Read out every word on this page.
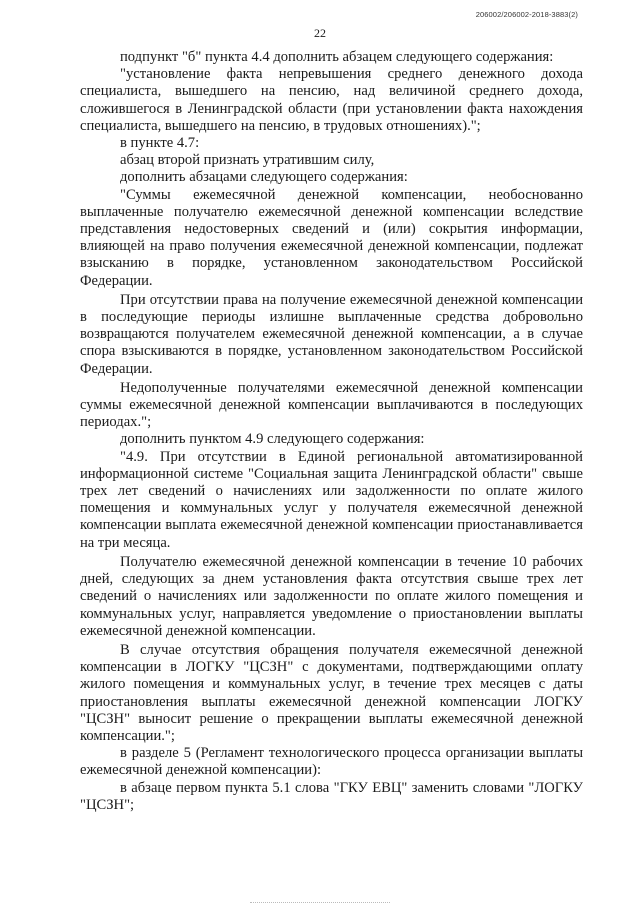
206002/206002-2018-3883(2)
22

подпункт "б" пункта 4.4 дополнить абзацем следующего содержания:

"установление факта непревышения среднего денежного дохода специалиста, вышедшего на пенсию, над величиной среднего дохода, сложившегося в Ленинградской области (при установлении факта нахождения специалиста, вышедшего на пенсию, в трудовых отношениях).";

в пункте 4.7:

абзац второй признать утратившим силу,

дополнить абзацами следующего содержания:

"Суммы ежемесячной денежной компенсации, необоснованно выплаченные получателю ежемесячной денежной компенсации вследствие представления недостоверных сведений и (или) сокрытия информации, влияющей на право получения ежемесячной денежной компенсации, подлежат взысканию в порядке, установленном законодательством Российской Федерации.

При отсутствии права на получение ежемесячной денежной компенсации в последующие периоды излишне выплаченные средства добровольно возвращаются получателем ежемесячной денежной компенсации, а в случае спора взыскиваются в порядке, установленном законодательством Российской Федерации.

Недополученные получателями ежемесячной денежной компенсации суммы ежемесячной денежной компенсации выплачиваются в последующих периодах.";

дополнить пунктом 4.9 следующего содержания:

"4.9. При отсутствии в Единой региональной автоматизированной информационной системе "Социальная защита Ленинградской области" свыше трех лет сведений о начислениях или задолженности по оплате жилого помещения и коммунальных услуг у получателя ежемесячной денежной компенсации выплата ежемесячной денежной компенсации приостанавливается на три месяца.

Получателю ежемесячной денежной компенсации в течение 10 рабочих дней, следующих за днем установления факта отсутствия свыше трех лет сведений о начислениях или задолженности по оплате жилого помещения и коммунальных услуг, направляется уведомление о приостановлении выплаты ежемесячной денежной компенсации.

В случае отсутствия обращения получателя ежемесячной денежной компенсации в ЛОГКУ "ЦСЗН" с документами, подтверждающими оплату жилого помещения и коммунальных услуг, в течение трех месяцев с даты приостановления выплаты ежемесячной денежной компенсации ЛОГКУ "ЦСЗН" выносит решение о прекращении выплаты ежемесячной денежной компенсации.";

в разделе 5 (Регламент технологического процесса организации выплаты ежемесячной денежной компенсации):

в абзаце первом пункта 5.1 слова "ГКУ ЕВЦ" заменить словами "ЛОГКУ "ЦСЗН";
